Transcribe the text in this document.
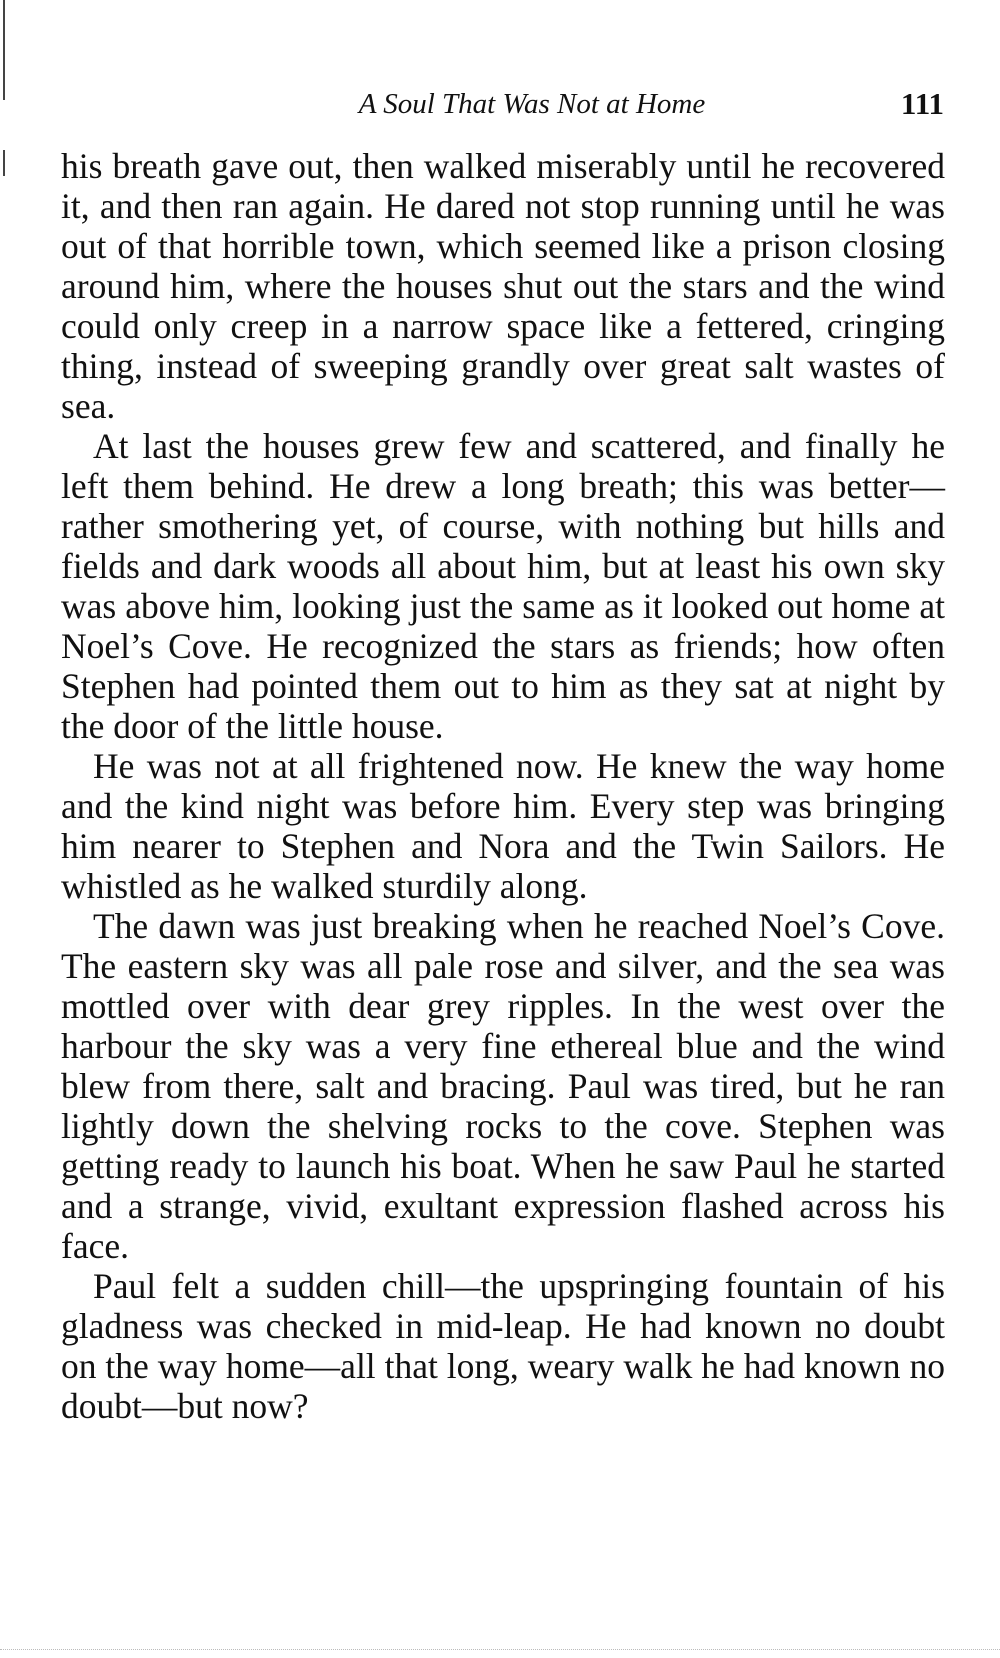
A Soul That Was Not at Home	111

his breath gave out, then walked miserably until he recovered it, and then ran again. He dared not stop running until he was out of that horrible town, which seemed like a prison closing around him, where the houses shut out the stars and the wind could only creep in a narrow space like a fettered, cringing thing, instead of sweeping grandly over great salt wastes of sea.

At last the houses grew few and scattered, and finally he left them behind. He drew a long breath; this was better—rather smothering yet, of course, with nothing but hills and fields and dark woods all about him, but at least his own sky was above him, looking just the same as it looked out home at Noel’s Cove. He recognized the stars as friends; how often Stephen had pointed them out to him as they sat at night by the door of the little house.

He was not at all frightened now. He knew the way home and the kind night was before him. Every step was bringing him nearer to Stephen and Nora and the Twin Sailors. He whistled as he walked sturdily along.

The dawn was just breaking when he reached Noel’s Cove. The eastern sky was all pale rose and silver, and the sea was mottled over with dear grey ripples. In the west over the harbour the sky was a very fine ethereal blue and the wind blew from there, salt and bracing. Paul was tired, but he ran lightly down the shelving rocks to the cove. Stephen was getting ready to launch his boat. When he saw Paul he started and a strange, vivid, exultant expression flashed across his face.

Paul felt a sudden chill—the upspringing fountain of his gladness was checked in mid-leap. He had known no doubt on the way home—all that long, weary walk he had known no doubt—but now?
